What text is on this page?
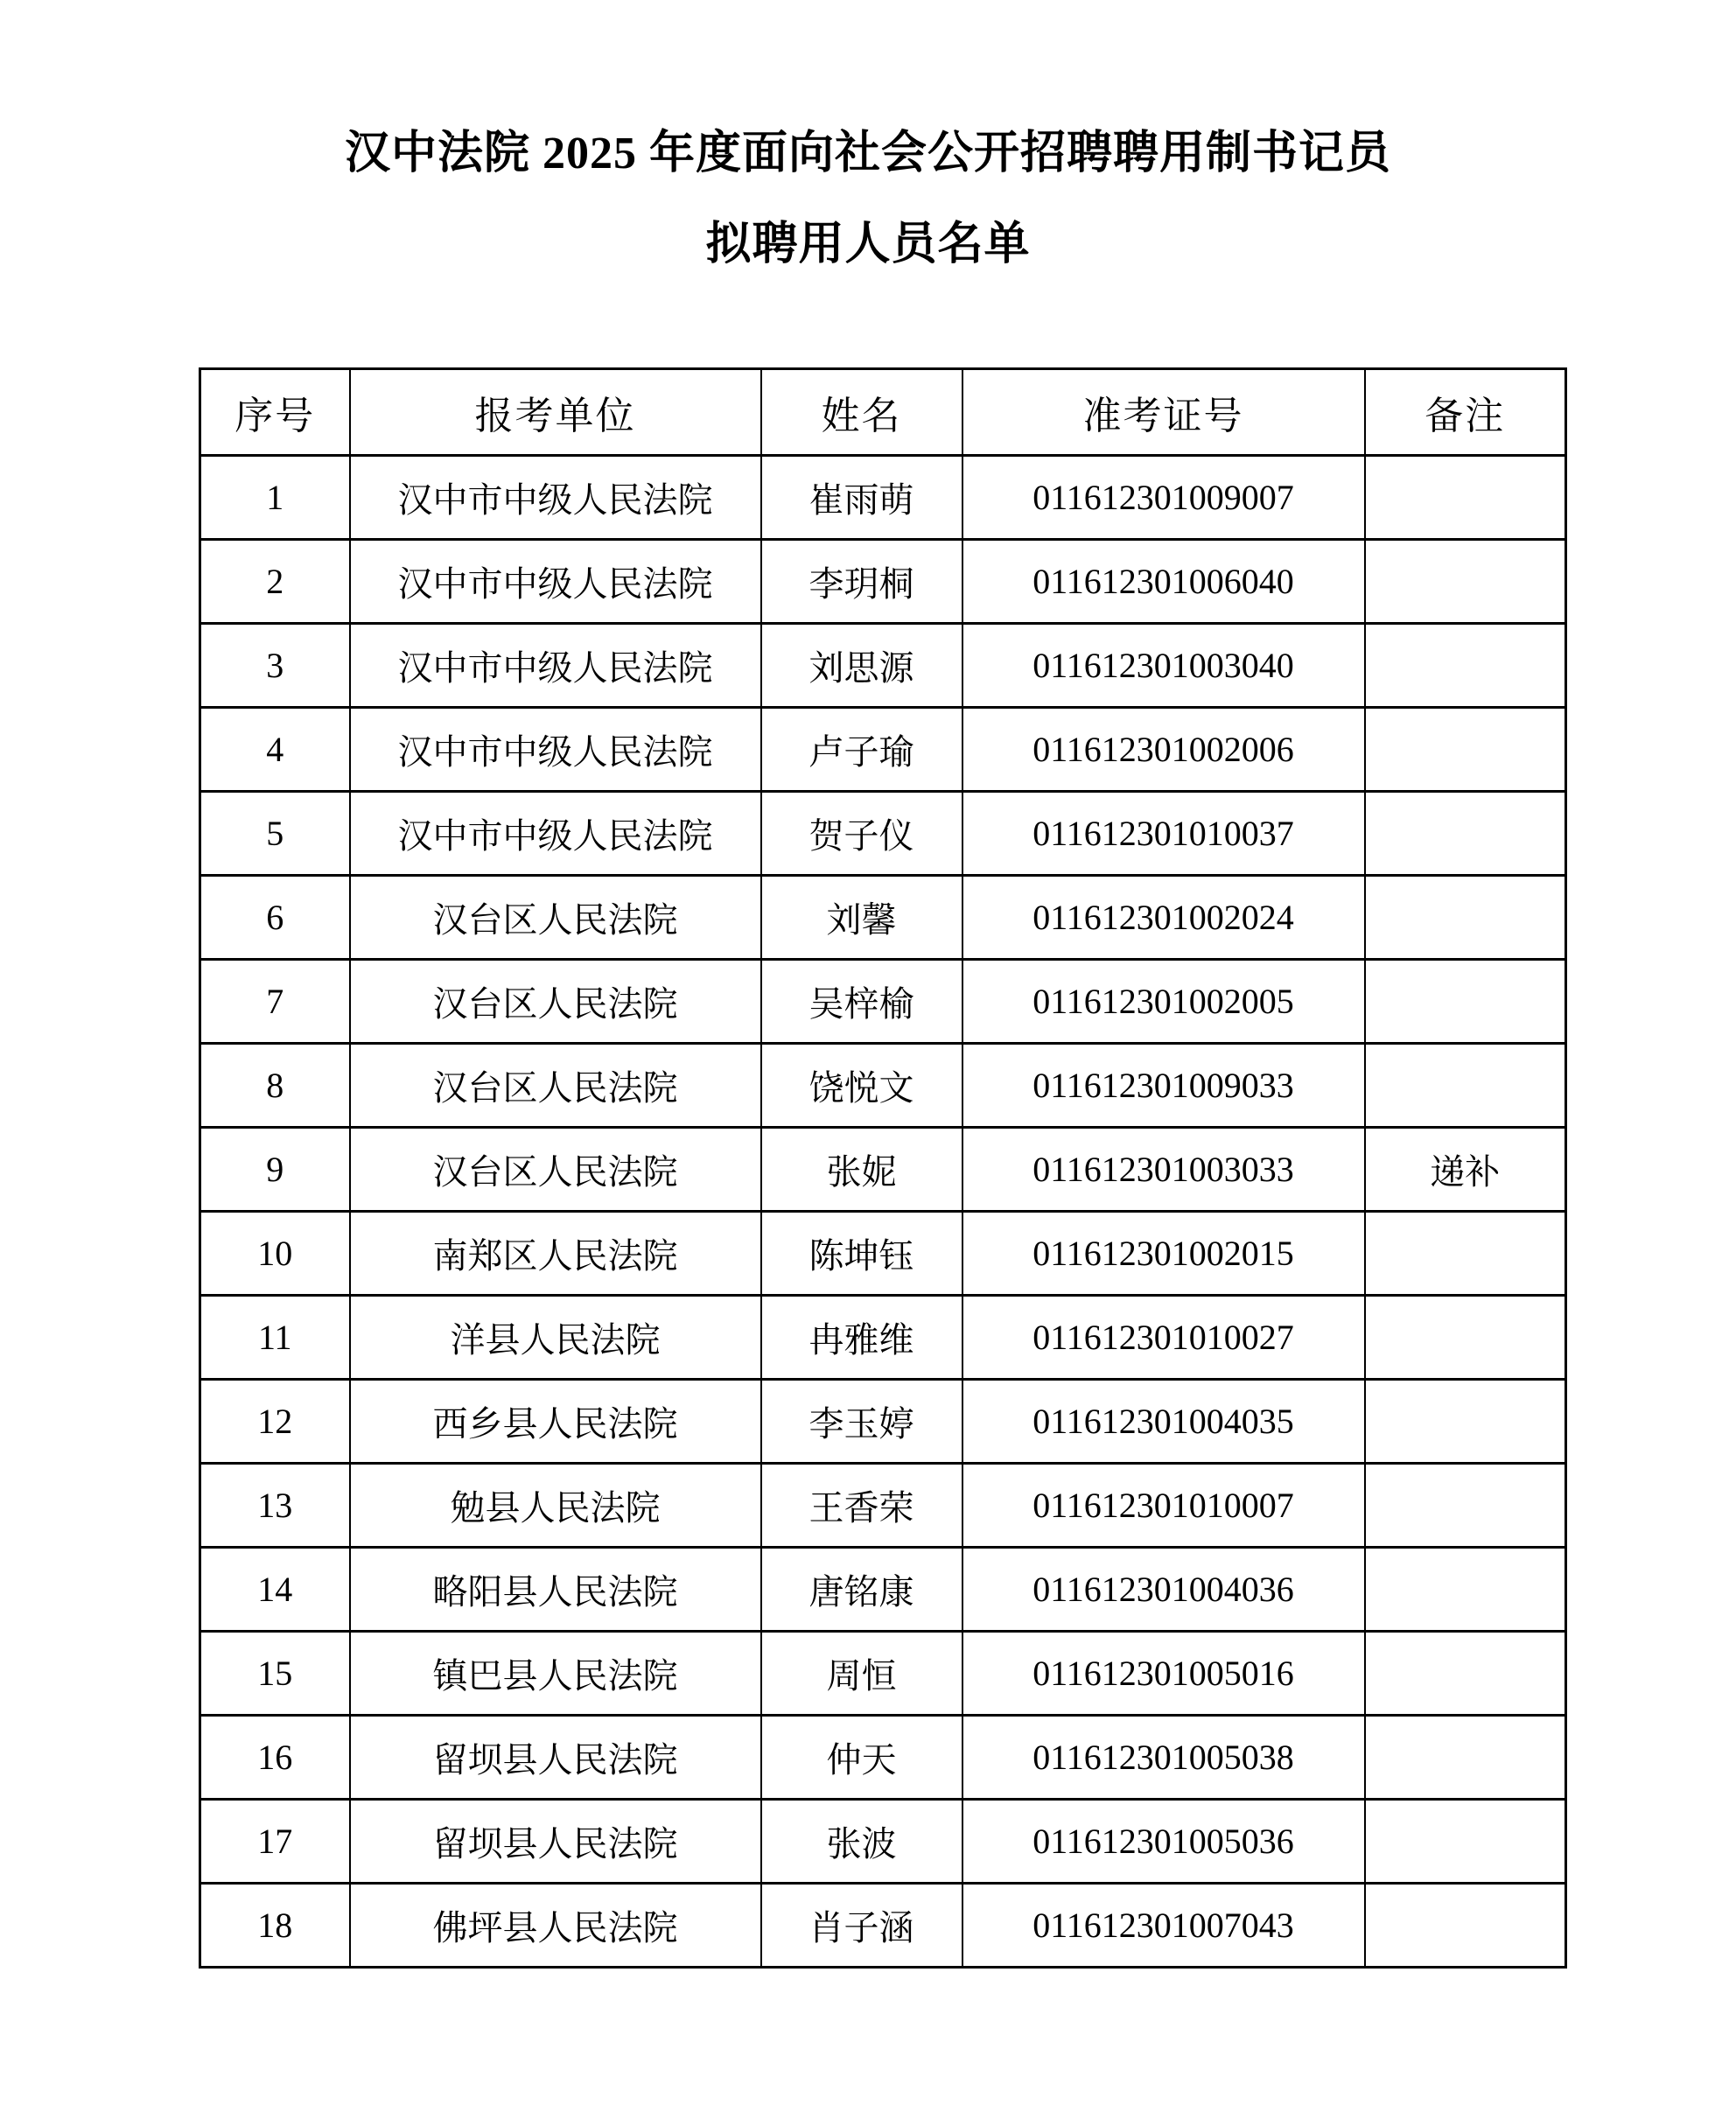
汉中法院 2025 年度面向社会公开招聘聘用制书记员
拟聘用人员名单
序号	报考单位	姓名	准考证号	备注
1	汉中市中级人民法院	崔雨萌	011612301009007	
2	汉中市中级人民法院	李玥桐	011612301006040	
3	汉中市中级人民法院	刘思源	011612301003040	
4	汉中市中级人民法院	卢子瑜	011612301002006	
5	汉中市中级人民法院	贺子仪	011612301010037	
6	汉台区人民法院	刘馨	011612301002024	
7	汉台区人民法院	吴梓榆	011612301002005	
8	汉台区人民法院	饶悦文	011612301009033	
9	汉台区人民法院	张妮	011612301003033	递补
10	南郑区人民法院	陈坤钰	011612301002015	
11	洋县人民法院	冉雅维	011612301010027	
12	西乡县人民法院	李玉婷	011612301004035	
13	勉县人民法院	王香荣	011612301010007	
14	略阳县人民法院	唐铭康	011612301004036	
15	镇巴县人民法院	周恒	011612301005016	
16	留坝县人民法院	仲天	011612301005038	
17	留坝县人民法院	张波	011612301005036	
18	佛坪县人民法院	肖子涵	011612301007043	
